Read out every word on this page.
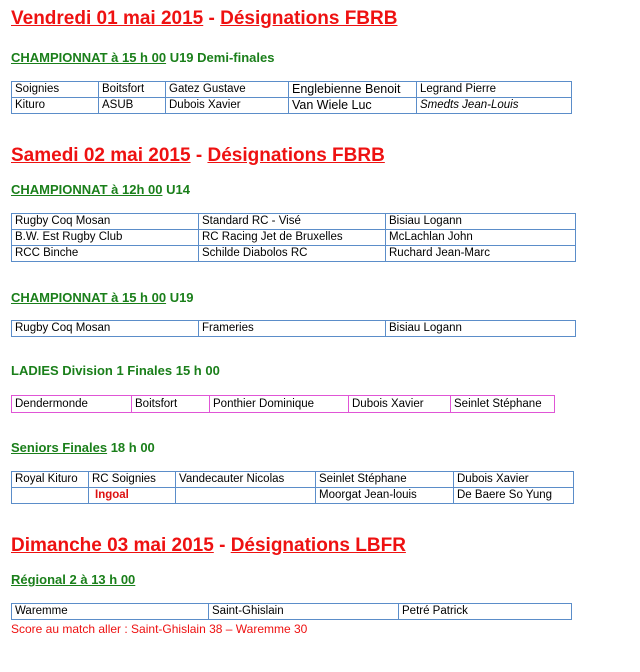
Vendredi 01 mai 2015 - Désignations FBRB
CHAMPIONNAT à 15 h 00 U19 Demi-finales
Soignies	Boitsfort	Gatez Gustave	Englebienne Benoit	Legrand Pierre
Kituro	ASUB	Dubois Xavier	Van Wiele Luc	Smedts Jean-Louis
Samedi 02 mai 2015 - Désignations FBRB
CHAMPIONNAT à 12h 00 U14
Rugby Coq Mosan	Standard RC - Visé	Bisiau Logann
B.W. Est Rugby Club	RC Racing Jet de Bruxelles	McLachlan John
RCC Binche	Schilde Diabolos RC	Ruchard Jean-Marc
CHAMPIONNAT à 15 h 00 U19
Rugby Coq Mosan	Frameries	Bisiau Logann
LADIES Division 1 Finales 15 h 00
Dendermonde	Boitsfort	Ponthier Dominique	Dubois Xavier	Seinlet Stéphane
Seniors Finales 18 h 00
Royal Kituro	RC Soignies	Vandecauter Nicolas	Seinlet Stéphane	Dubois Xavier
	Ingoal		Moorgat Jean-louis	De Baere So Yung
Dimanche 03 mai 2015 - Désignations LBFR
Régional 2 à 13 h 00
Waremme	Saint-Ghislain	Petré Patrick
Score au match aller : Saint-Ghislain 38 – Waremme 30
